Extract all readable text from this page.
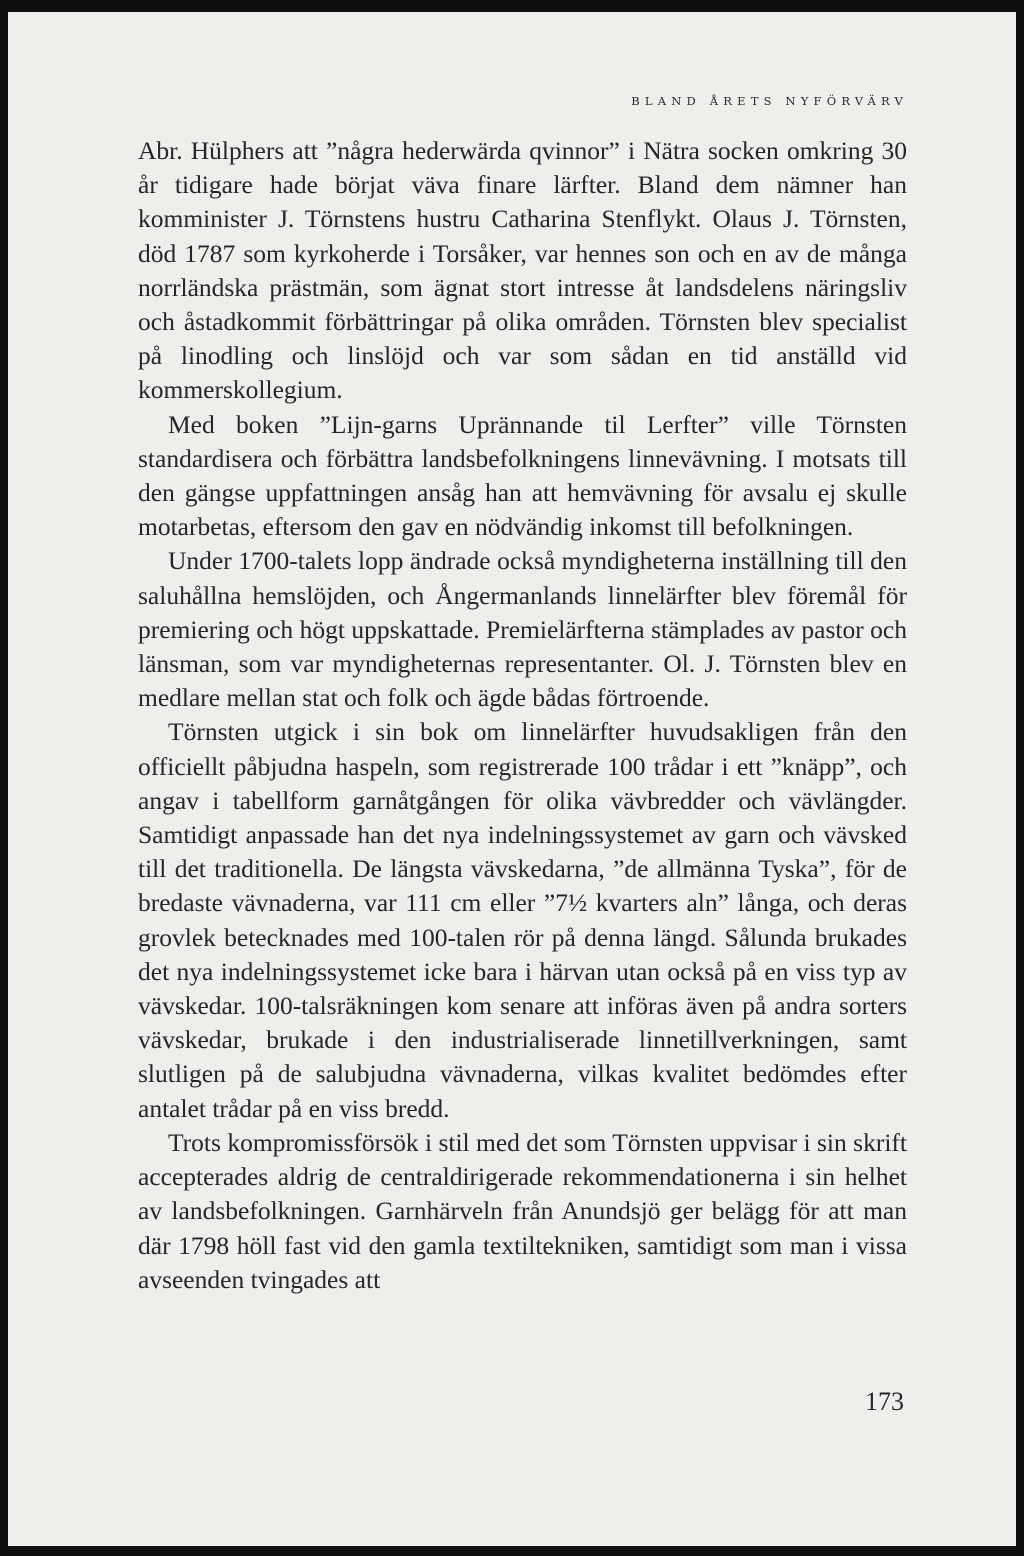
BLAND ÅRETS NYFÖRVÄRV

Abr. Hülphers att ”några hederwärda qvinnor” i Nätra socken omkring 30 år tidigare hade börjat väva finare lärfter. Bland dem nämner han komminister J. Törnstens hustru Catharina Stenflykt. Olaus J. Törnsten, död 1787 som kyrkoherde i Torsåker, var hennes son och en av de många norrländska prästmän, som ägnat stort intresse åt landsdelens näringsliv och åstadkommit förbättringar på olika områden. Törnsten blev specialist på linodling och linslöjd och var som sådan en tid anställd vid kommerskollegium.

Med boken ”Lijn-garns Uprännande til Lerfter” ville Törnsten standardisera och förbättra landsbefolkningens linnevävning. I motsats till den gängse uppfattningen ansåg han att hemvävning för avsalu ej skulle motarbetas, eftersom den gav en nödvändig inkomst till befolkningen.

Under 1700-talets lopp ändrade också myndigheterna inställning till den saluhållna hemslöjden, och Ångermanlands linnelärfter blev föremål för premiering och högt uppskattade. Premielärfterna stämplades av pastor och länsman, som var myndigheternas representanter. Ol. J. Törnsten blev en medlare mellan stat och folk och ägde bådas förtroende.

Törnsten utgick i sin bok om linnelärfter huvudsakligen från den officiellt påbjudna haspeln, som registrerade 100 trådar i ett ”knäpp”, och angav i tabellform garnåtgången för olika vävbredder och vävlängder. Samtidigt anpassade han det nya indelningssystemet av garn och vävsked till det traditionella. De längsta vävskedarna, ”de allmänna Tyska”, för de bredaste vävnaderna, var 111 cm eller ”7½ kvarters aln” långa, och deras grovlek betecknades med 100-talen rör på denna längd. Sålunda brukades det nya indelningssystemet icke bara i härvan utan också på en viss typ av vävskedar. 100-talsräkningen kom senare att införas även på andra sorters vävskedar, brukade i den industrialiserade linnetillverkningen, samt slutligen på de salubjudna vävnaderna, vilkas kvalitet bedömdes efter antalet trådar på en viss bredd.

Trots kompromissförsök i stil med det som Törnsten uppvisar i sin skrift accepterades aldrig de centraldirigerade rekommendationerna i sin helhet av landsbefolkningen. Garnhärveln från Anundsjö ger belägg för att man där 1798 höll fast vid den gamla textiltekniken, samtidigt som man i vissa avseenden tvingades att

173
